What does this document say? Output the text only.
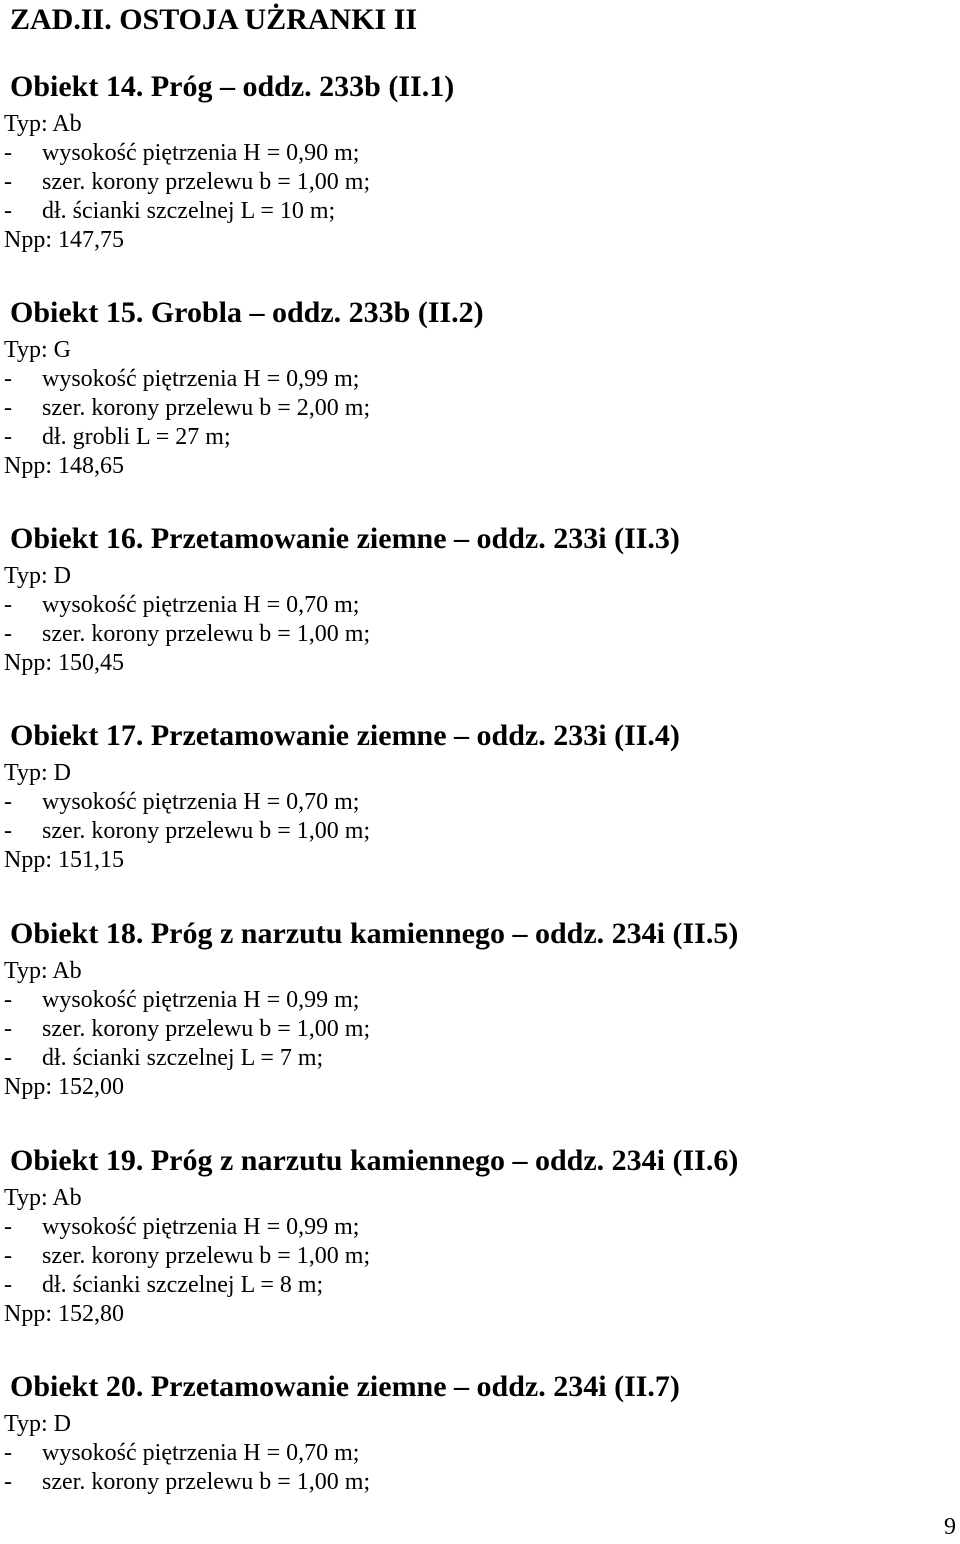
ZAD.II. OSTOJA UŻRANKI II
Obiekt 14. Próg – oddz. 233b (II.1)
Typ: Ab
-	wysokość piętrzenia H = 0,90 m;
-	szer. korony przelewu b = 1,00 m;
-	dł. ścianki szczelnej L = 10 m;
Npp: 147,75
Obiekt 15. Grobla – oddz. 233b (II.2)
Typ: G
-	wysokość piętrzenia H = 0,99 m;
-	szer. korony przelewu b = 2,00 m;
-	dł. grobli L = 27 m;
Npp: 148,65
Obiekt 16. Przetamowanie ziemne – oddz. 233i (II.3)
Typ: D
-	wysokość piętrzenia H = 0,70 m;
-	szer. korony przelewu b = 1,00 m;
Npp: 150,45
Obiekt 17. Przetamowanie ziemne – oddz. 233i (II.4)
Typ: D
-	wysokość piętrzenia H = 0,70 m;
-	szer. korony przelewu b = 1,00 m;
Npp: 151,15
Obiekt 18. Próg z narzutu kamiennego – oddz. 234i (II.5)
Typ: Ab
-	wysokość piętrzenia H = 0,99 m;
-	szer. korony przelewu b = 1,00 m;
-	dł. ścianki szczelnej L = 7 m;
Npp: 152,00
Obiekt 19. Próg z narzutu kamiennego – oddz. 234i (II.6)
Typ: Ab
-	wysokość piętrzenia H = 0,99 m;
-	szer. korony przelewu b = 1,00 m;
-	dł. ścianki szczelnej L = 8 m;
Npp: 152,80
Obiekt 20. Przetamowanie ziemne – oddz. 234i (II.7)
Typ: D
-	wysokość piętrzenia H = 0,70 m;
-	szer. korony przelewu b = 1,00 m;
9
